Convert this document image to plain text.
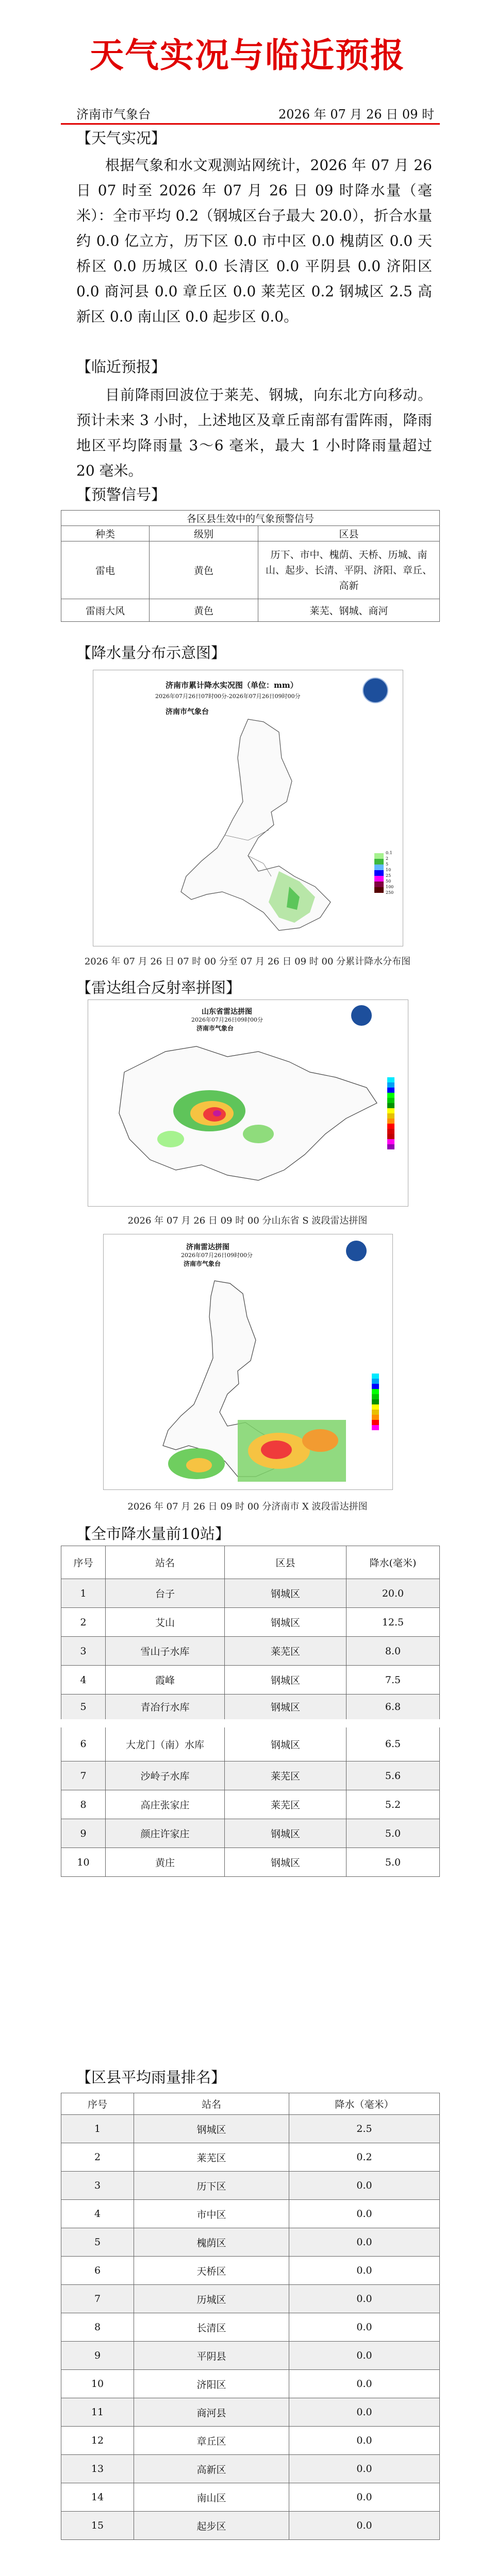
天气实况与临近预报
济南市气象台	2026 年 07 月 26 日 09 时
【天气实况】
根据气象和水文观测站网统计，2026 年 07 月 26 日 07 时至 2026 年 07 月 26 日 09 时降水量（毫米）：全市平均 0.2（钢城区台子最大 20.0），折合水量约 0.0 亿立方，历下区 0.0 市中区 0.0 槐荫区 0.0 天桥区 0.0 历城区 0.0 长清区 0.0 平阴县 0.0 济阳区 0.0 商河县 0.0 章丘区 0.0 莱芜区 0.2 钢城区 2.5 高新区 0.0 南山区 0.0 起步区 0.0。
【临近预报】
目前降雨回波位于莱芜、钢城，向东北方向移动。预计未来 3 小时，上述地区及章丘南部有雷阵雨，降雨地区平均降雨量 3～6 毫米，最大 1 小时降雨量超过 20 毫米。
【预警信号】
各区县生效中的气象预警信号		
种类	级别	区县
雷电	黄色	历下、市中、槐荫、天桥、历城、南山、起步、长清、平阴、济阳、章丘、高新
雷雨大风	黄色	莱芜、钢城、商河
【降水量分布示意图】
济南市累计降水实况图（单位：mm）
2026年07月26日07时00分-2026年07月26日09时00分
济南市气象台
0.1
2
5
10
25
50
100
250
2026 年 07 月 26 日 07 时 00 分至 07 月 26 日 09 时 00 分累计降水分布图
【雷达组合反射率拼图】
山东省雷达拼图
2026年07月26日09时00分
济南市气象台
2026 年 07 月 26 日 09 时 00 分山东省 S 波段雷达拼图
济南雷达拼图
2026年07月26日09时00分
济南市气象台
2026 年 07 月 26 日 09 时 00 分济南市 X 波段雷达拼图
【全市降水量前10站】
序号	站名	区县	降水(毫米)
1	台子	钢城区	20.0
2	艾山	钢城区	12.5
3	雪山子水库	莱芜区	8.0
4	霞峰	钢城区	7.5
5	青冶行水库	钢城区	6.8
6	大龙门（南）水库	钢城区	6.5
7	沙岭子水库	莱芜区	5.6
8	高庄张家庄	莱芜区	5.2
9	颜庄许家庄	钢城区	5.0
10	黄庄	钢城区	5.0
【区县平均雨量排名】
序号	站名	降水（毫米）
1	钢城区	2.5
2	莱芜区	0.2
3	历下区	0.0
4	市中区	0.0
5	槐荫区	0.0
6	天桥区	0.0
7	历城区	0.0
8	长清区	0.0
9	平阴县	0.0
10	济阳区	0.0
11	商河县	0.0
12	章丘区	0.0
13	高新区	0.0
14	南山区	0.0
15	起步区	0.0
